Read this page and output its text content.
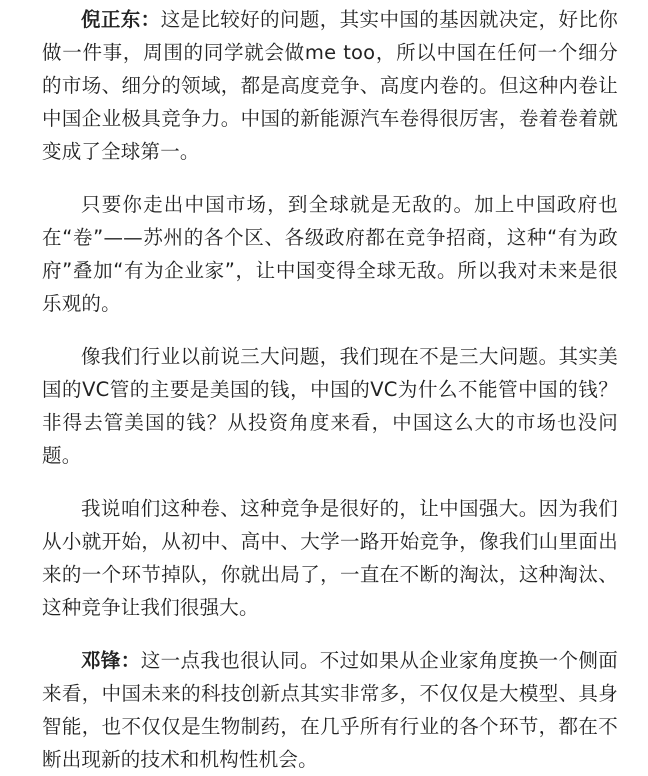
倪正东：这是比较好的问题，其实中国的基因就决定，好比你做一件事，周围的同学就会做me too，所以中国在任何一个细分的市场、细分的领域，都是高度竞争、高度内卷的。但这种内卷让中国企业极具竞争力。中国的新能源汽车卷得很厉害，卷着卷着就变成了全球第一。

只要你走出中国市场，到全球就是无敌的。加上中国政府也在“卷”——苏州的各个区、各级政府都在竞争招商，这种“有为政府”叠加“有为企业家”，让中国变得全球无敌。所以我对未来是很乐观的。

像我们行业以前说三大问题，我们现在不是三大问题。其实美国的VC管的主要是美国的钱，中国的VC为什么不能管中国的钱？非得去管美国的钱？从投资角度来看，中国这么大的市场也没问题。

我说咱们这种卷、这种竞争是很好的，让中国强大。因为我们从小就开始，从初中、高中、大学一路开始竞争，像我们山里面出来的一个环节掉队，你就出局了，一直在不断的淘汰，这种淘汰、这种竞争让我们很强大。

邓锋：这一点我也很认同。不过如果从企业家角度换一个侧面来看，中国未来的科技创新点其实非常多，不仅仅是大模型、具身智能，也不仅仅是生物制药，在几乎所有行业的各个环节，都在不断出现新的技术和机构性机会。
